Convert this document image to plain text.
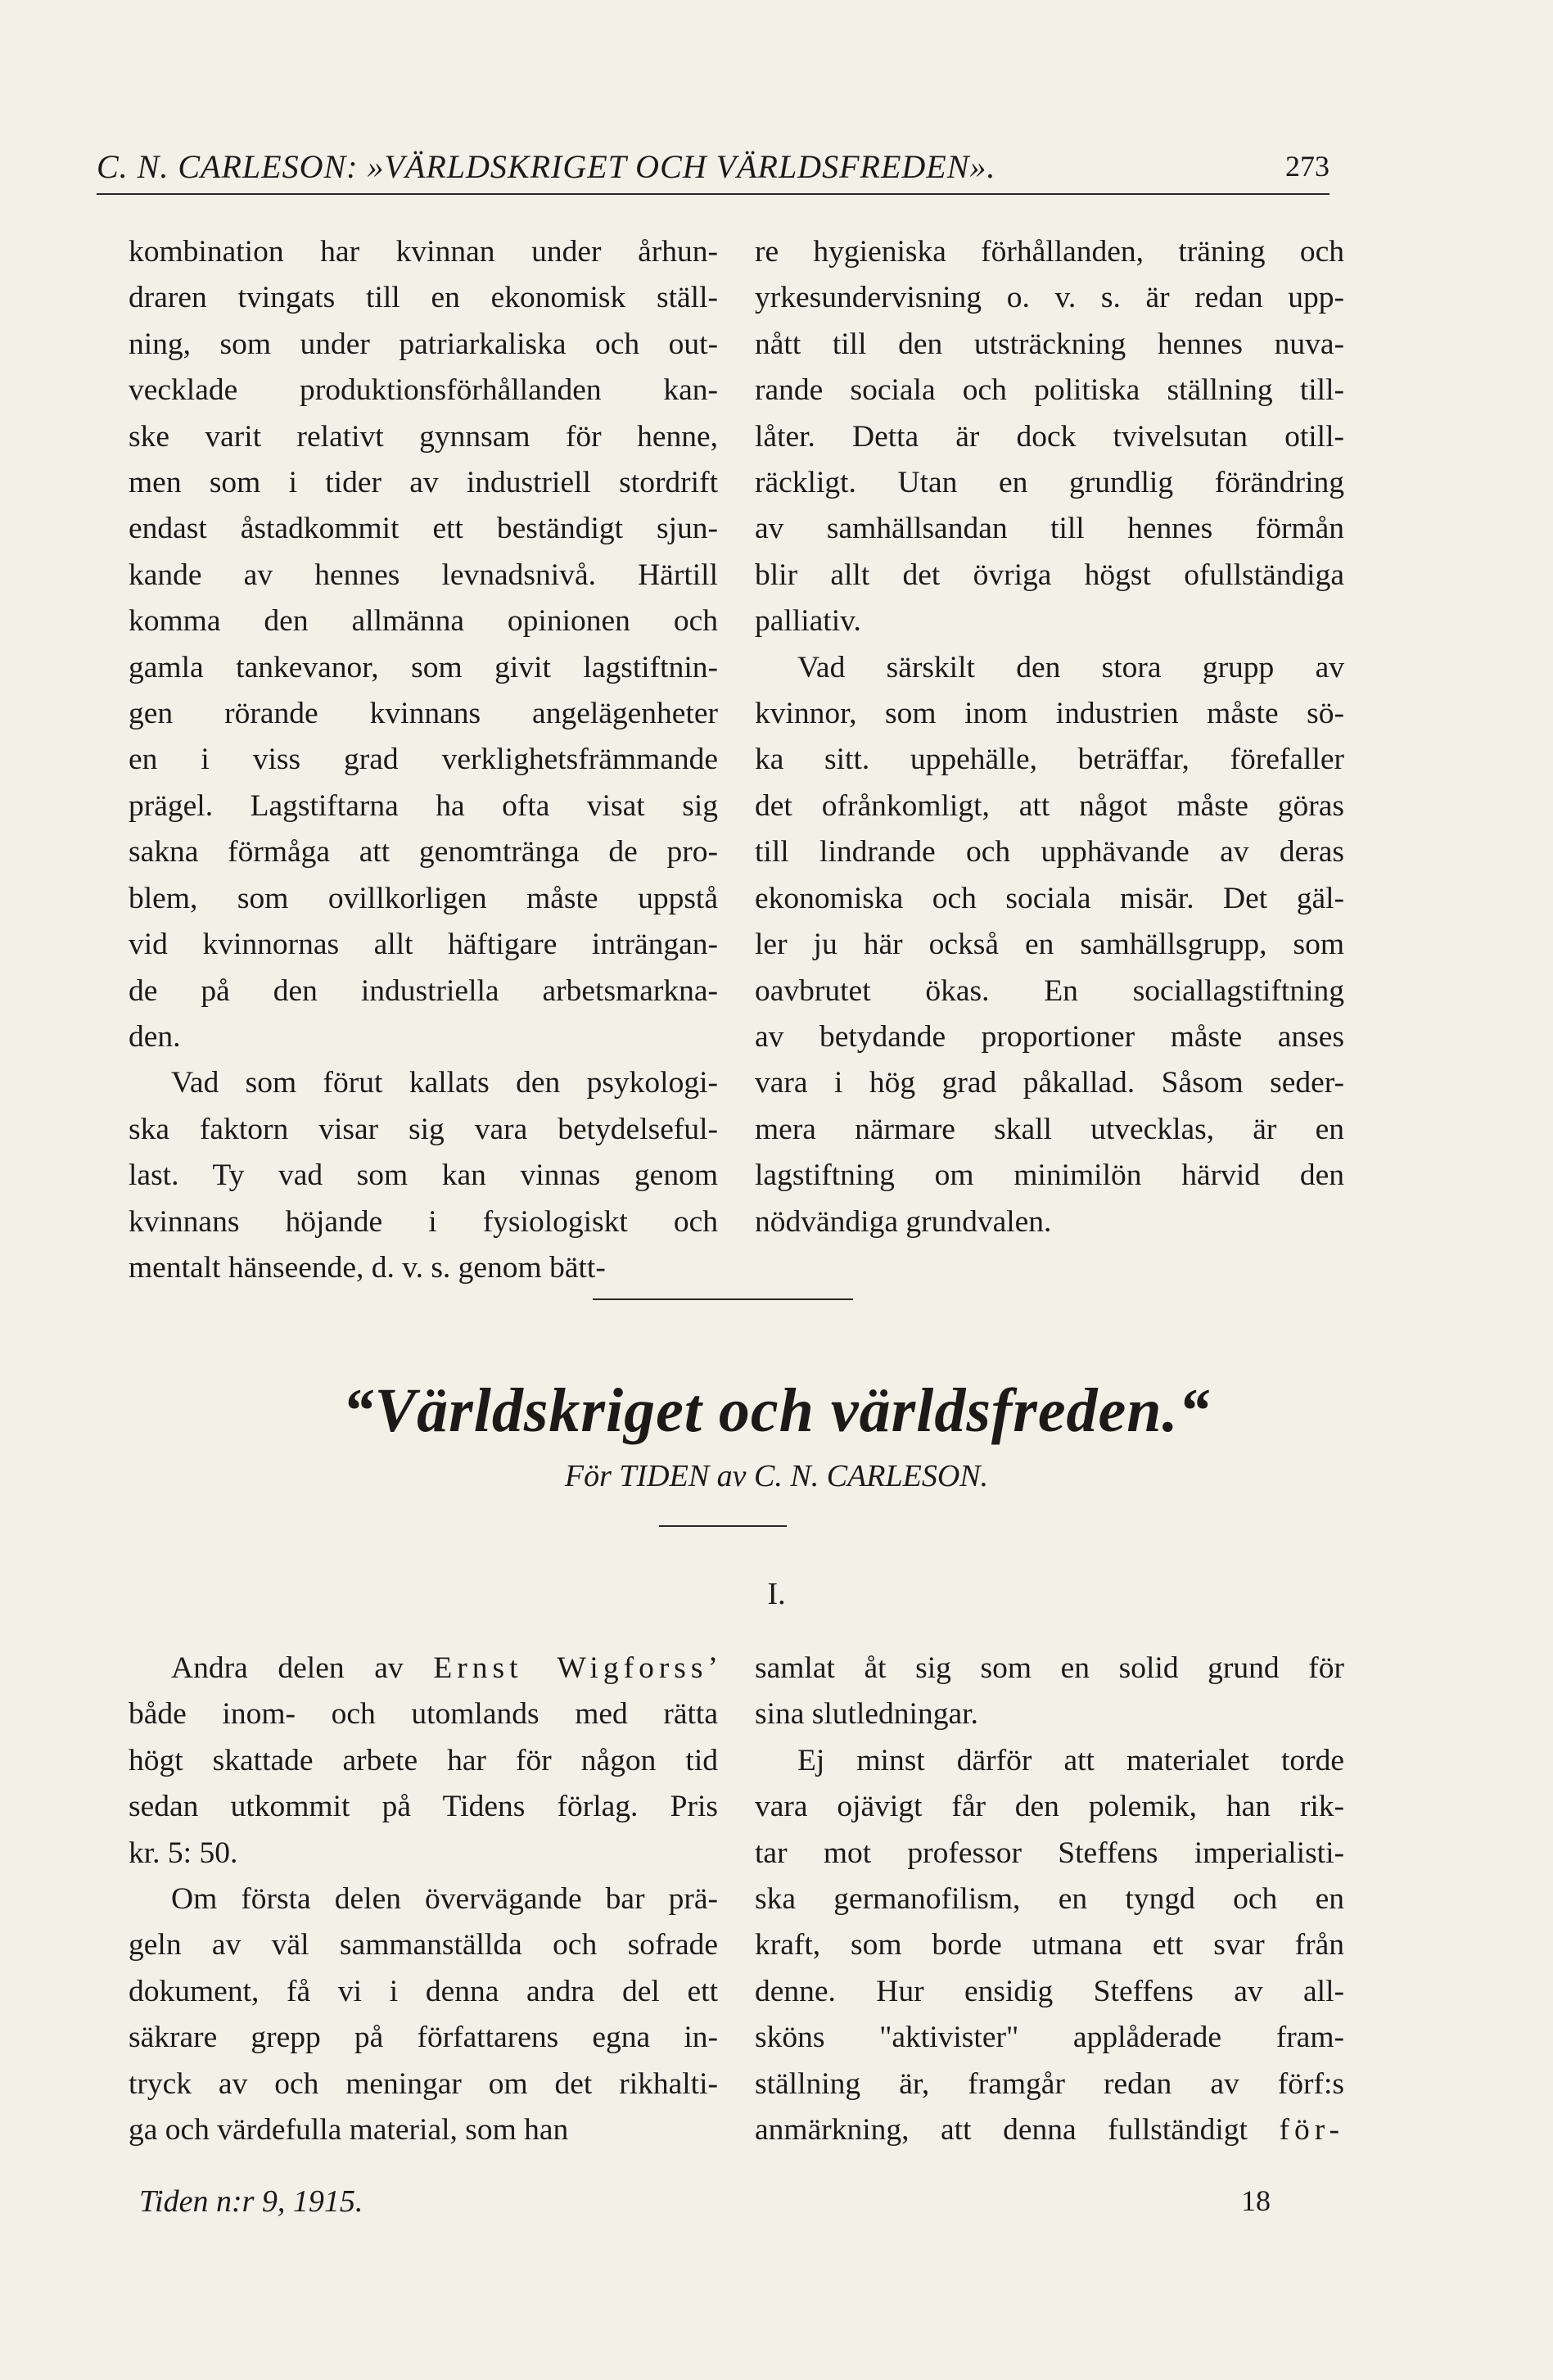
C. N. CARLESON: »VÄRLDSKRIGET OCH VÄRLDSFREDEN».	273

kombination har kvinnan under århun-

draren tvingats till en ekonomisk ställ-

ning, som under patriarkaliska och out-

vecklade produktionsförhållanden kan-

ske varit relativt gynnsam för henne,

men som i tider av industriell stordrift

endast åstadkommit ett beständigt sjun-

kande av hennes levnadsnivå. Härtill

komma den allmänna opinionen och

gamla tankevanor, som givit lagstiftnin-

gen rörande kvinnans angelägenheter

en i viss grad verklighetsfrämmande

prägel. Lagstiftarna ha ofta visat sig

sakna förmåga att genomtränga de pro-

blem, som ovillkorligen måste uppstå

vid kvinnornas allt häftigare inträngan-

de på den industriella arbetsmarkna-

den.

Vad som förut kallats den psykologi-

ska faktorn visar sig vara betydelseful-

last. Ty vad som kan vinnas genom

kvinnans höjande i fysiologiskt och

mentalt hänseende, d. v. s. genom bätt-

re hygieniska förhållanden, träning och

yrkesundervisning o. v. s. är redan upp-

nått till den utsträckning hennes nuva-

rande sociala och politiska ställning till-

låter. Detta är dock tvivelsutan otill-

räckligt. Utan en grundlig förändring

av samhällsandan till hennes förmån

blir allt det övriga högst ofullständiga

palliativ.

Vad särskilt den stora grupp av

kvinnor, som inom industrien måste sö-

ka sitt. uppehälle, beträffar, förefaller

det ofrånkomligt, att något måste göras

till lindrande och upphävande av deras

ekonomiska och sociala misär. Det gäl-

ler ju här också en samhällsgrupp, som

oavbrutet ökas. En sociallagstiftning

av betydande proportioner måste anses

vara i hög grad påkallad. Såsom seder-

mera närmare skall utvecklas, är en

lagstiftning om minimilön härvid den

nödvändiga grundvalen.

“Världskriget och världsfreden.“
För TIDEN av C. N. CARLESON.
I.

Andra delen av Ernst Wigforss’

både inom- och utomlands med rätta

högt skattade arbete har för någon tid

sedan utkommit på Tidens förlag. Pris

kr. 5: 50.

Om första delen övervägande bar prä-

geln av väl sammanställda och sofrade

dokument, få vi i denna andra del ett

säkrare grepp på författarens egna in-

tryck av och meningar om det rikhalti-

ga och värdefulla material, som han

samlat åt sig som en solid grund för

sina slutledningar.

Ej minst därför att materialet torde

vara ojävigt får den polemik, han rik-

tar mot professor Steffens imperialisti-

ska germanofilism, en tyngd och en

kraft, som borde utmana ett svar från

denne. Hur ensidig Steffens av all-

sköns "aktivister" applåderade fram-

ställning är, framgår redan av förf:s

anmärkning, att denna fullständigt för-

Tiden n:r 9, 1915.	18
